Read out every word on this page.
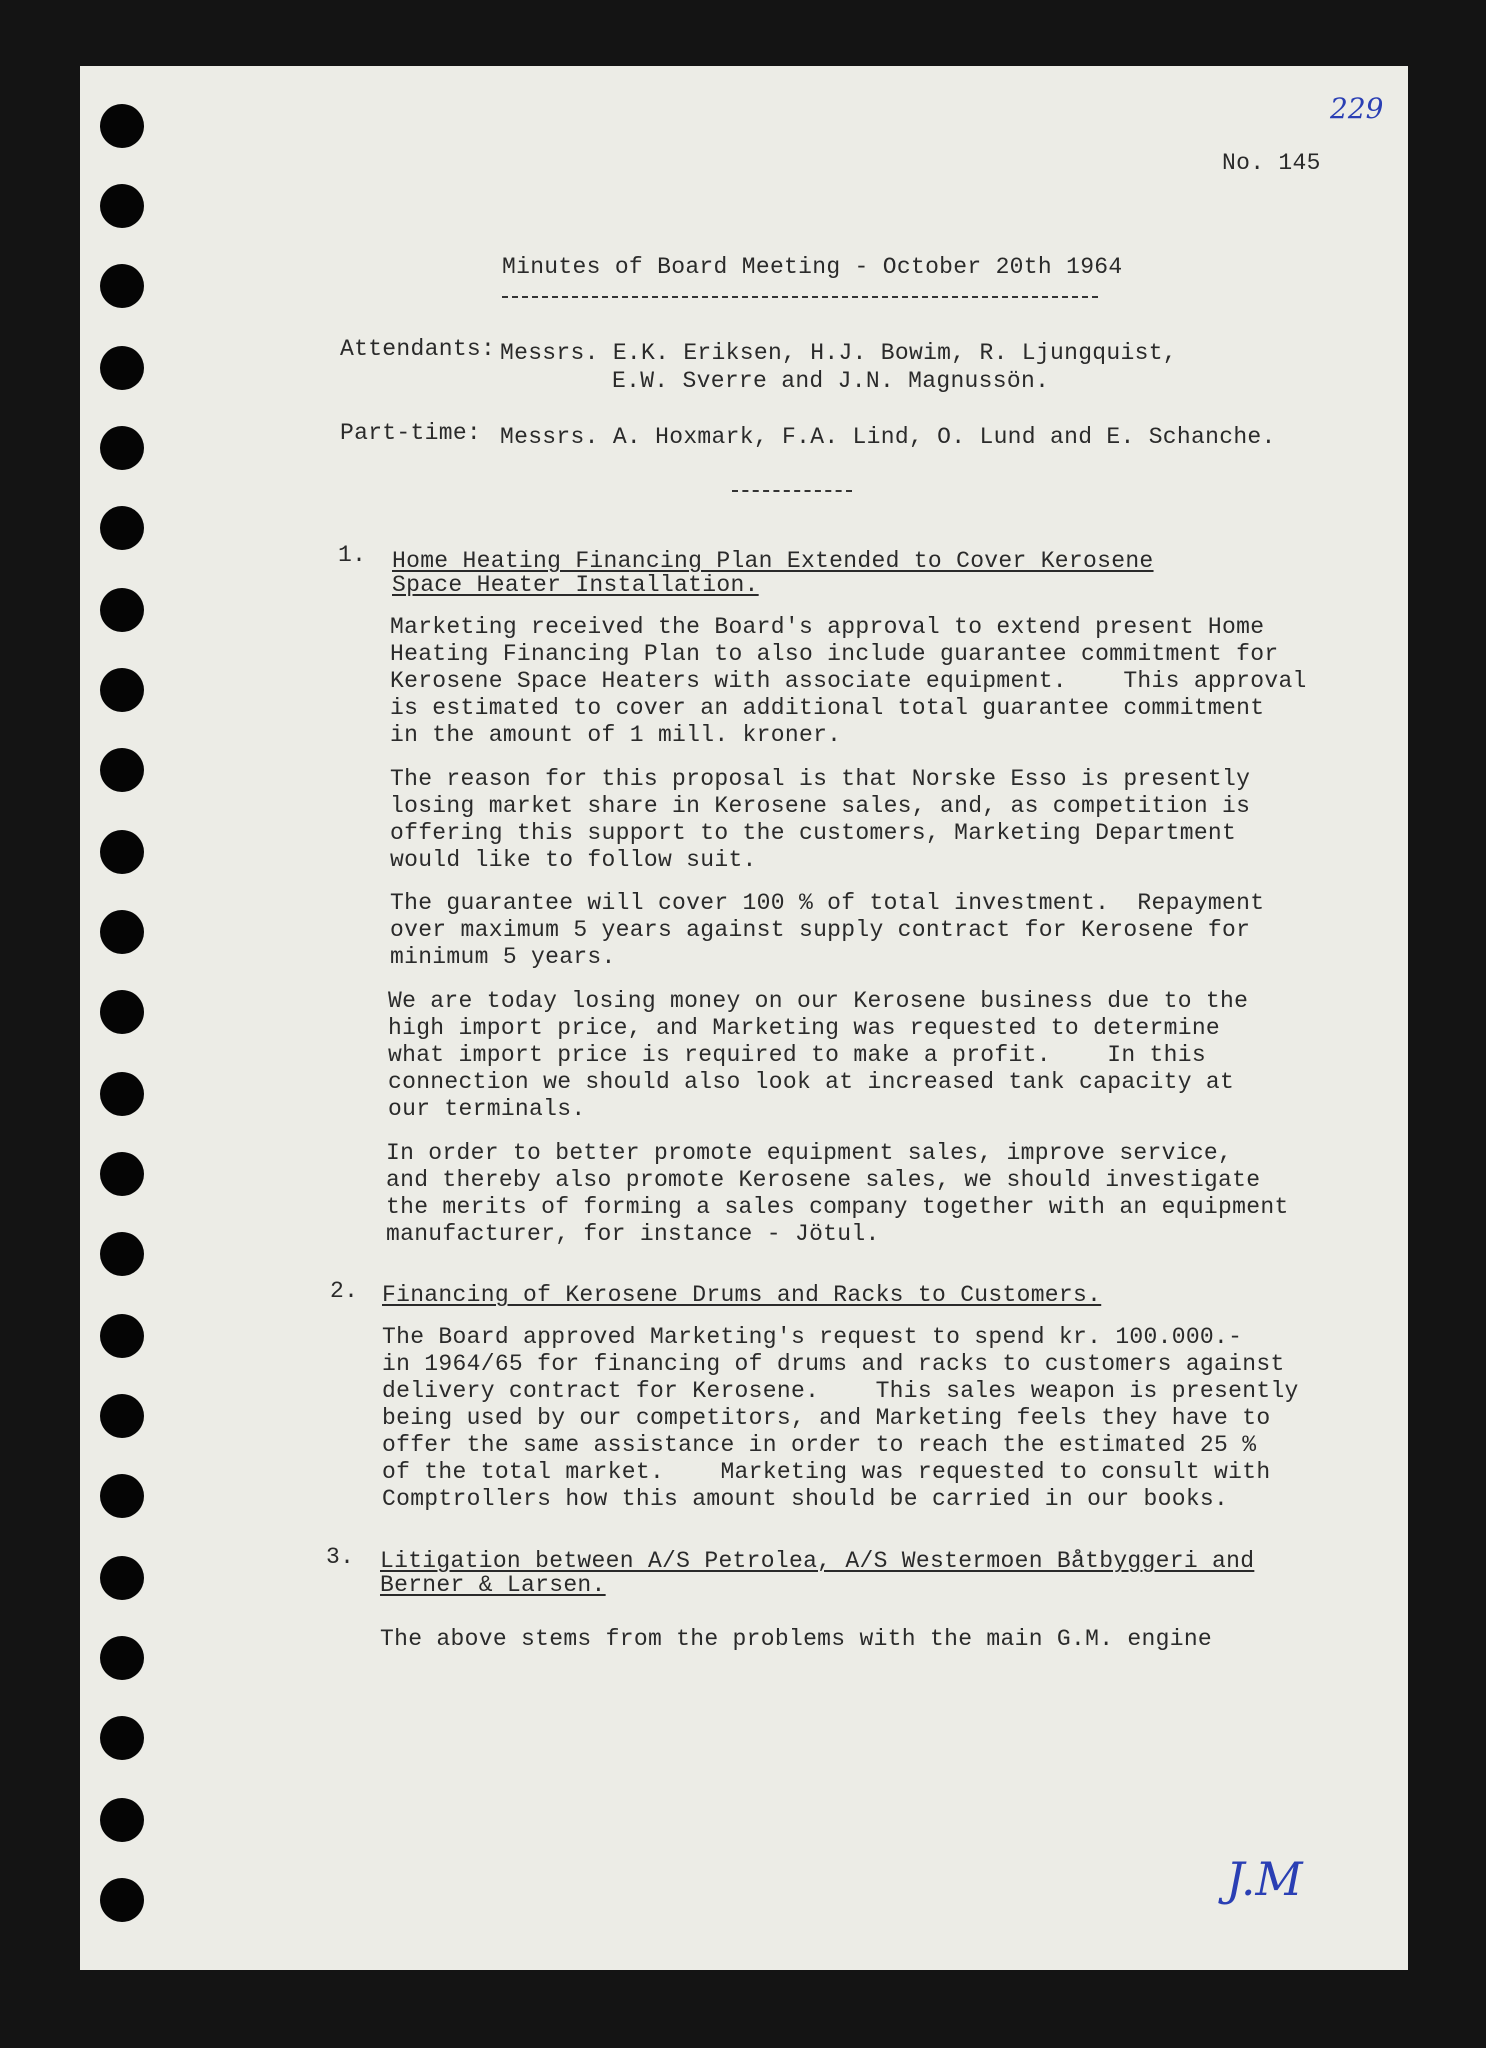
229
No. 145
Minutes of Board Meeting - October 20th 1964
Attendants: Messrs. E.K. Eriksen, H.J. Bowim, R. Ljungquist,
E.W. Sverre and J.N. Magnussön.
Part-time: Messrs. A. Hoxmark, F.A. Lind, O. Lund and E. Schanche.
1. Home Heating Financing Plan Extended to Cover Kerosene
Space Heater Installation.
Marketing received the Board's approval to extend present Home
Heating Financing Plan to also include guarantee commitment for
Kerosene Space Heaters with associate equipment.    This approval
is estimated to cover an additional total guarantee commitment
in the amount of 1 mill. kroner.
The reason for this proposal is that Norske Esso is presently
losing market share in Kerosene sales, and, as competition is
offering this support to the customers, Marketing Department
would like to follow suit.
The guarantee will cover 100 % of total investment.  Repayment
over maximum 5 years against supply contract for Kerosene for
minimum 5 years.
We are today losing money on our Kerosene business due to the
high import price, and Marketing was requested to determine
what import price is required to make a profit.    In this
connection we should also look at increased tank capacity at
our terminals.
In order to better promote equipment sales, improve service,
and thereby also promote Kerosene sales, we should investigate
the merits of forming a sales company together with an equipment
manufacturer, for instance - Jötul.
2. Financing of Kerosene Drums and Racks to Customers.
The Board approved Marketing's request to spend kr. 100.000.-
in 1964/65 for financing of drums and racks to customers against
delivery contract for Kerosene.    This sales weapon is presently
being used by our competitors, and Marketing feels they have to
offer the same assistance in order to reach the estimated 25 %
of the total market.    Marketing was requested to consult with
Comptrollers how this amount should be carried in our books.
3. Litigation between A/S Petrolea, A/S Westermoen Båtbyggeri and
Berner & Larsen.
The above stems from the problems with the main G.M. engine
J.M
